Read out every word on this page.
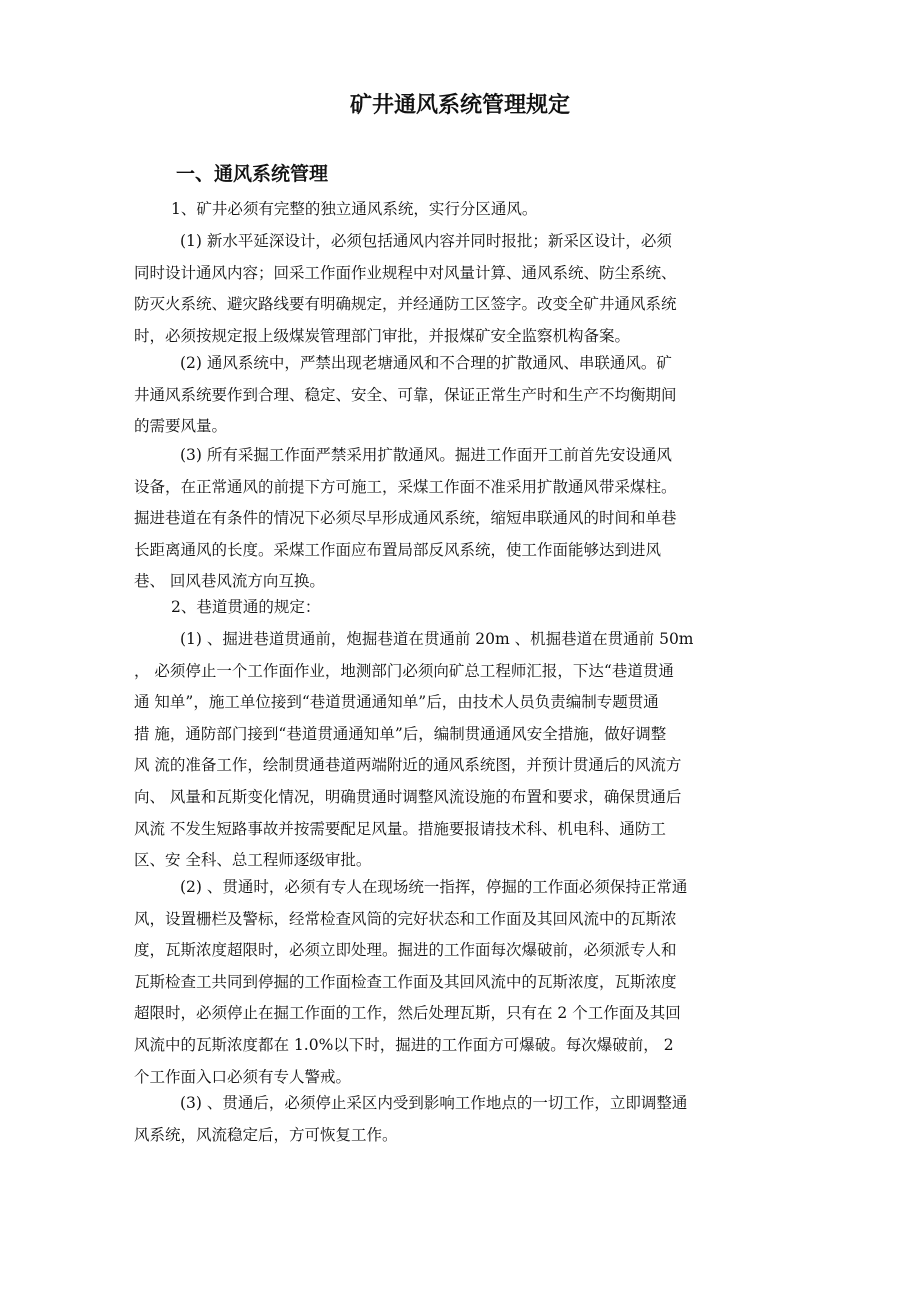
矿井通风系统管理规定
一、通风系统管理
1、矿井必须有完整的独立通风系统，实行分区通风。
(1) 新水平延深设计，必须包括通风内容并同时报批；新采区设计，必须
同时设计通风内容；回采工作面作业规程中对风量计算、通风系统、防尘系统、
防灭火系统、避灾路线要有明确规定，并经通防工区签字。改变全矿井通风系统
时，必须按规定报上级煤炭管理部门审批，并报煤矿安全监察机构备案。
(2) 通风系统中，严禁出现老塘通风和不合理的扩散通风、串联通风。矿
井通风系统要作到合理、稳定、安全、可靠，保证正常生产时和生产不均衡期间
的需要风量。
(3) 所有采掘工作面严禁采用扩散通风。掘进工作面开工前首先安设通风
设备，在正常通风的前提下方可施工，采煤工作面不准采用扩散通风带采煤柱。
掘进巷道在有条件的情况下必须尽早形成通风系统，缩短串联通风的时间和单巷
长距离通风的长度。采煤工作面应布置局部反风系统，使工作面能够达到进风
巷、 回风巷风流方向互换。
2、巷道贯通的规定：
(1) 、掘进巷道贯通前，炮掘巷道在贯通前 20m 、机掘巷道在贯通前 50m
， 必须停止一个工作面作业，地测部门必须向矿总工程师汇报，下达“巷道贯通
通 知单”，施工单位接到“巷道贯通通知单”后，由技术人员负责编制专题贯通
措 施，通防部门接到“巷道贯通通知单”后，编制贯通通风安全措施，做好调整
风 流的准备工作，绘制贯通巷道两端附近的通风系统图，并预计贯通后的风流方
向、 风量和瓦斯变化情况，明确贯通时调整风流设施的布置和要求，确保贯通后
风流 不发生短路事故并按需要配足风量。措施要报请技术科、机电科、通防工
区、安 全科、总工程师逐级审批。
(2) 、贯通时，必须有专人在现场统一指挥，停掘的工作面必须保持正常通
风，设置栅栏及警标，经常检查风筒的完好状态和工作面及其回风流中的瓦斯浓
度，瓦斯浓度超限时，必须立即处理。掘进的工作面每次爆破前，必须派专人和
瓦斯检查工共同到停掘的工作面检查工作面及其回风流中的瓦斯浓度，瓦斯浓度
超限时，必须停止在掘工作面的工作，然后处理瓦斯，只有在 2 个工作面及其回
风流中的瓦斯浓度都在 1.0%以下时，掘进的工作面方可爆破。每次爆破前， 2
个工作面入口必须有专人警戒。
(3) 、贯通后，必须停止采区内受到影响工作地点的一切工作，立即调整通
风系统，风流稳定后，方可恢复工作。
